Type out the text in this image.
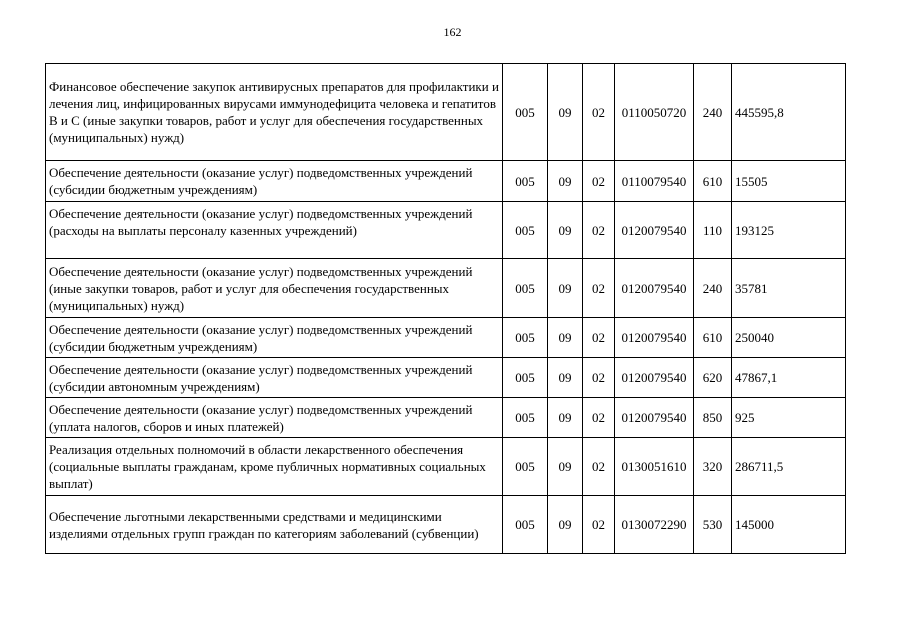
162
Финансовое обеспечение закупок антивирусных препаратов для профилактики и лечения лиц, инфицированных вирусами иммунодефицита человека и гепатитов В и С (иные закупки товаров, работ и услуг для обеспечения государственных (муниципальных) нужд)	005	09	02	0110050720	240	445595,8
Обеспечение деятельности (оказание услуг) подведомственных учреждений (субсидии бюджетным учреждениям)	005	09	02	0110079540	610	15505
Обеспечение деятельности (оказание услуг) подведомственных учреждений (расходы на выплаты персоналу казенных учреждений)	005	09	02	0120079540	110	193125
Обеспечение деятельности (оказание услуг) подведомственных учреждений (иные закупки товаров, работ и услуг для обеспечения государственных (муниципальных) нужд)	005	09	02	0120079540	240	35781
Обеспечение деятельности (оказание услуг) подведомственных учреждений (субсидии бюджетным учреждениям)	005	09	02	0120079540	610	250040
Обеспечение деятельности (оказание услуг) подведомственных учреждений (субсидии автономным учреждениям)	005	09	02	0120079540	620	47867,1
Обеспечение деятельности (оказание услуг) подведомственных учреждений (уплата налогов, сборов и иных платежей)	005	09	02	0120079540	850	925
Реализация отдельных полномочий в области лекарственного обеспечения (социальные выплаты гражданам, кроме публичных нормативных социальных выплат)	005	09	02	0130051610	320	286711,5
Обеспечение льготными лекарственными средствами и медицинскими изделиями отдельных групп граждан по категориям заболеваний (субвенции)	005	09	02	0130072290	530	145000
